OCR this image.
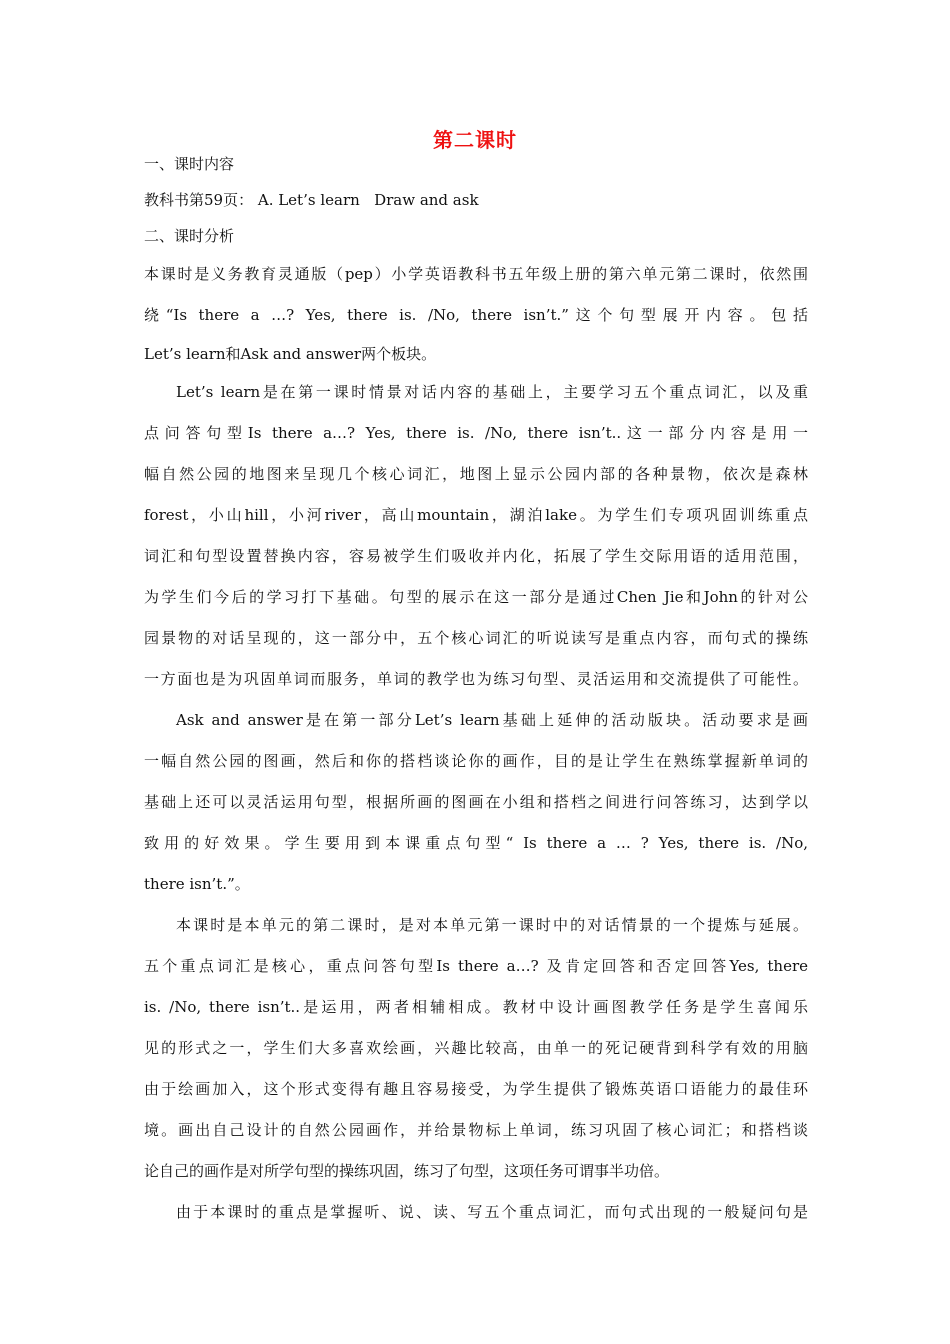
第二课时
一、课时内容
教科书第59页： A. Let’s learn   Draw and ask
二、课时分析
本课时是义务教育灵通版（pep）小学英语教科书五年级上册的第六单元第二课时，依然围
绕“Is there a …? Yes, there is. /No, there isn’t.”这个句型展开内容。包括
Let’s learn和Ask and answer两个板块。
Let’s learn是在第一课时情景对话内容的基础上，主要学习五个重点词汇，以及重
点问答句型Is there a…? Yes, there is. /No, there isn’t..这一部分内容是用一
幅自然公园的地图来呈现几个核心词汇，地图上显示公园内部的各种景物，依次是森林
forest，小山hill，小河river，高山mountain，湖泊lake。为学生们专项巩固训练重点
词汇和句型设置替换内容，容易被学生们吸收并内化，拓展了学生交际用语的适用范围，
为学生们今后的学习打下基础。句型的展示在这一部分是通过Chen Jie和John的针对公
园景物的对话呈现的，这一部分中，五个核心词汇的听说读写是重点内容，而句式的操练
一方面也是为巩固单词而服务，单词的教学也为练习句型、灵活运用和交流提供了可能性。
Ask and answer是在第一部分Let’s learn基础上延伸的活动版块。活动要求是画
一幅自然公园的图画，然后和你的搭档谈论你的画作，目的是让学生在熟练掌握新单词的
基础上还可以灵活运用句型，根据所画的图画在小组和搭档之间进行问答练习，达到学以
致用的好效果。学生要用到本课重点句型“ Is there a … ? Yes, there is. /No,
there isn’t.”。
本课时是本单元的第二课时，是对本单元第一课时中的对话情景的一个提炼与延展。
五个重点词汇是核心，重点问答句型Is there a…? 及肯定回答和否定回答Yes, there
is. /No, there isn’t..是运用，两者相辅相成。教材中设计画图教学任务是学生喜闻乐
见的形式之一，学生们大多喜欢绘画，兴趣比较高，由单一的死记硬背到科学有效的用脑
由于绘画加入，这个形式变得有趣且容易接受，为学生提供了锻炼英语口语能力的最佳环
境。画出自己设计的自然公园画作，并给景物标上单词，练习巩固了核心词汇；和搭档谈
论自己的画作是对所学句型的操练巩固，练习了句型，这项任务可谓事半功倍。
由于本课时的重点是掌握听、说、读、写五个重点词汇，而句式出现的一般疑问句是
